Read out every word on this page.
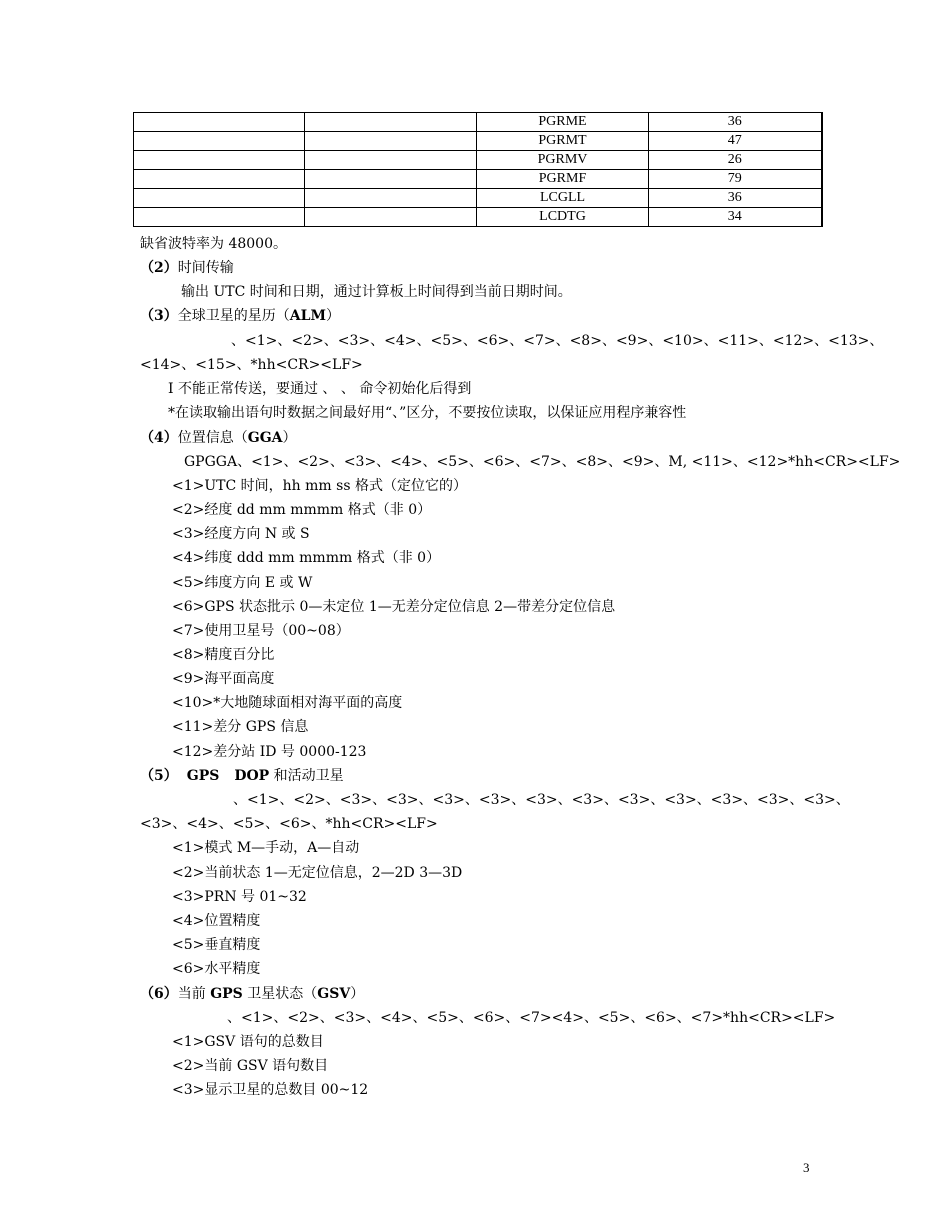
		PGRME	36
		PGRMT	47
		PGRMV	26
		PGRMF	79
		LCGLL	36
		LCDTG	34
缺省波特率为 48000。
（2）时间传输
输出 UTC 时间和日期，通过计算板上时间得到当前日期时间。
（3）全球卫星的星历（ALM）
、<1>、<2>、<3>、<4>、<5>、<6>、<7>、<8>、<9>、<10>、<11>、<12>、<13>、
<14>、<15>、*hh<CR><LF>
I 不能正常传送，要通过 、 、 命令初始化后得到
*在读取输出语句时数据之间最好用“、”区分，不要按位读取，以保证应用程序兼容性
（4）位置信息（GGA）
GPGGA、<1>、<2>、<3>、<4>、<5>、<6>、<7>、<8>、<9>、M, <11>、<12>*hh<CR><LF>
<1>UTC 时间，hh mm ss 格式（定位它的）
<2>经度 dd mm mmmm 格式（非 0）
<3>经度方向 N 或 S
<4>纬度 ddd mm mmmm 格式（非 0）
<5>纬度方向 E 或 W
<6>GPS 状态批示 0—未定位 1—无差分定位信息 2—带差分定位信息
<7>使用卫星号（00~08）
<8>精度百分比
<9>海平面高度
<10>*大地随球面相对海平面的高度
<11>差分 GPS 信息
<12>差分站 ID 号 0000-123
（5） GPS DOP 和活动卫星
、<1>、<2>、<3>、<3>、<3>、<3>、<3>、<3>、<3>、<3>、<3>、<3>、<3>、
<3>、<4>、<5>、<6>、*hh<CR><LF>
<1>模式 M—手动，A—自动
<2>当前状态 1—无定位信息，2—2D 3—3D
<3>PRN 号 01~32
<4>位置精度
<5>垂直精度
<6>水平精度
（6）当前 GPS 卫星状态（GSV）
、<1>、<2>、<3>、<4>、<5>、<6>、<7><4>、<5>、<6>、<7>*hh<CR><LF>
<1>GSV 语句的总数目
<2>当前 GSV 语句数目
<3>显示卫星的总数目 00~12
3
